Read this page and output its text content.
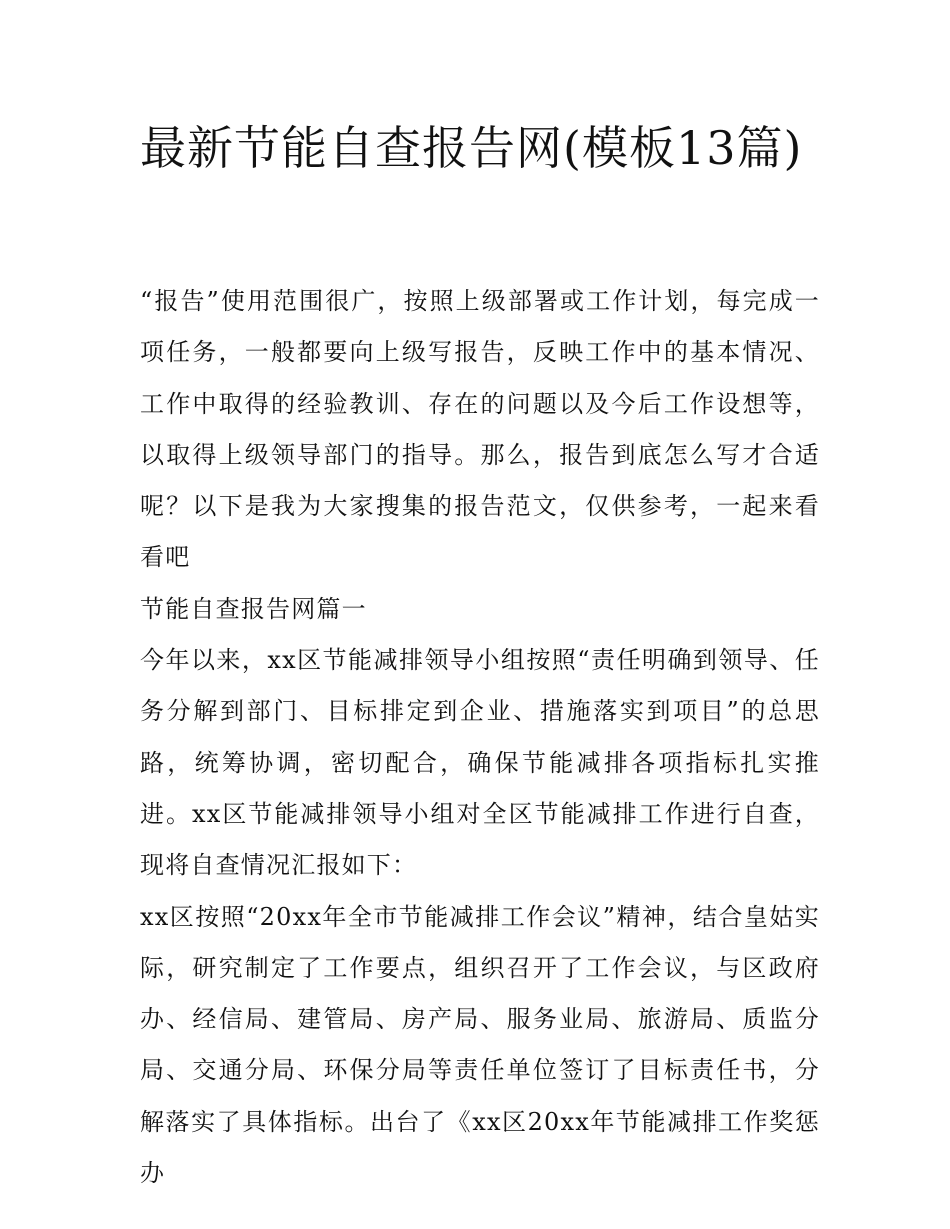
最新节能自查报告网(模板13篇)

“报告”使用范围很广，按照上级部署或工作计划，每完成一项任务，一般都要向上级写报告，反映工作中的基本情况、工作中取得的经验教训、存在的问题以及今后工作设想等，以取得上级领导部门的指导。那么，报告到底怎么写才合适呢？以下是我为大家搜集的报告范文，仅供参考，一起来看看吧

节能自查报告网篇一

今年以来，xx区节能减排领导小组按照“责任明确到领导、任务分解到部门、目标排定到企业、措施落实到项目”的总思路，统筹协调，密切配合，确保节能减排各项指标扎实推进。xx区节能减排领导小组对全区节能减排工作进行自查，现将自查情况汇报如下：

xx区按照“20xx年全市节能减排工作会议”精神，结合皇姑实际，研究制定了工作要点，组织召开了工作会议，与区政府办、经信局、建管局、房产局、服务业局、旅游局、质监分局、交通分局、环保分局等责任单位签订了目标责任书，分解落实了具体指标。出台了《xx区20xx年节能减排工作奖惩办
